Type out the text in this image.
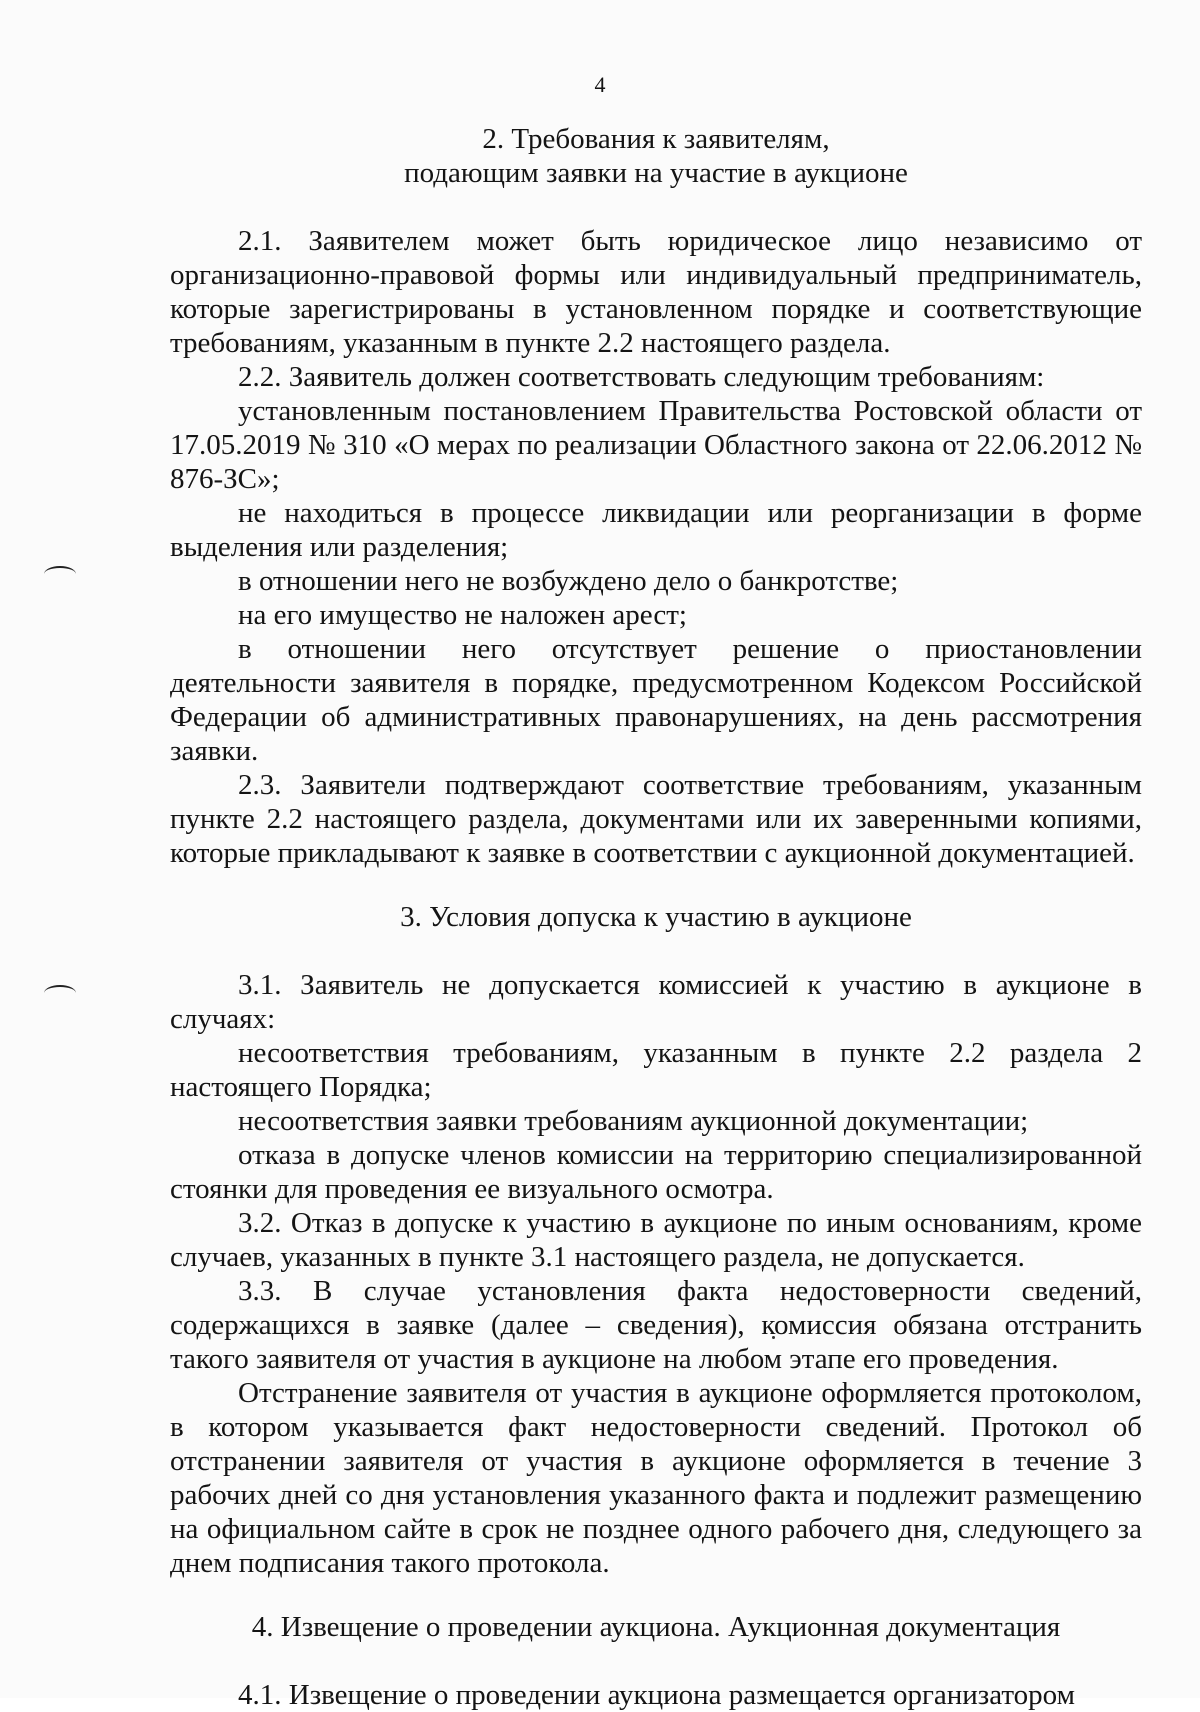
4

2. Требования к заявителям,

подающим заявки на участие в аукционе

2.1. Заявителем может быть юридическое лицо независимо от организационно-правовой формы или индивидуальный предприниматель, которые зарегистрированы в установленном порядке и соответствующие требованиям, указанным в пункте 2.2 настоящего раздела.

2.2. Заявитель должен соответствовать следующим требованиям:

установленным постановлением Правительства Ростовской области от 17.05.2019 № 310 «О мерах по реализации Областного закона от 22.06.2012 № 876-ЗС»;

не находиться в процессе ликвидации или реорганизации в форме выделения или разделения;

в отношении него не возбуждено дело о банкротстве;

на его имущество не наложен арест;

в отношении него отсутствует решение о приостановлении деятельности заявителя в порядке, предусмотренном Кодексом Российской Федерации об административных правонарушениях, на день рассмотрения заявки.

2.3. Заявители подтверждают соответствие требованиям, указанным пункте 2.2 настоящего раздела, документами или их заверенными копиями, которые прикладывают к заявке в соответствии с аукционной документацией.

3. Условия допуска к участию в аукционе

3.1. Заявитель не допускается комиссией к участию в аукционе в случаях:

несоответствия требованиям, указанным в пункте 2.2 раздела 2 настоящего Порядка;

несоответствия заявки требованиям аукционной документации;

отказа в допуске членов комиссии на территорию специализированной стоянки для проведения ее визуального осмотра.

3.2. Отказ в допуске к участию в аукционе по иным основаниям, кроме случаев, указанных в пункте 3.1 настоящего раздела, не допускается.

3.3. В случае установления факта недостоверности сведений, содержащихся в заявке (далее – сведения), комиссия обязана отстранить такого заявителя от участия в аукционе на любом этапе его проведения.

Отстранение заявителя от участия в аукционе оформляется протоколом, в котором указывается факт недостоверности сведений. Протокол об отстранении заявителя от участия в аукционе оформляется в течение 3 рабочих дней со дня установления указанного факта и подлежит размещению на официальном сайте в срок не позднее одного рабочего дня, следующего за днем подписания такого протокола.

4. Извещение о проведении аукциона. Аукционная документация

4.1. Извещение о проведении аукциона размещается организатором
